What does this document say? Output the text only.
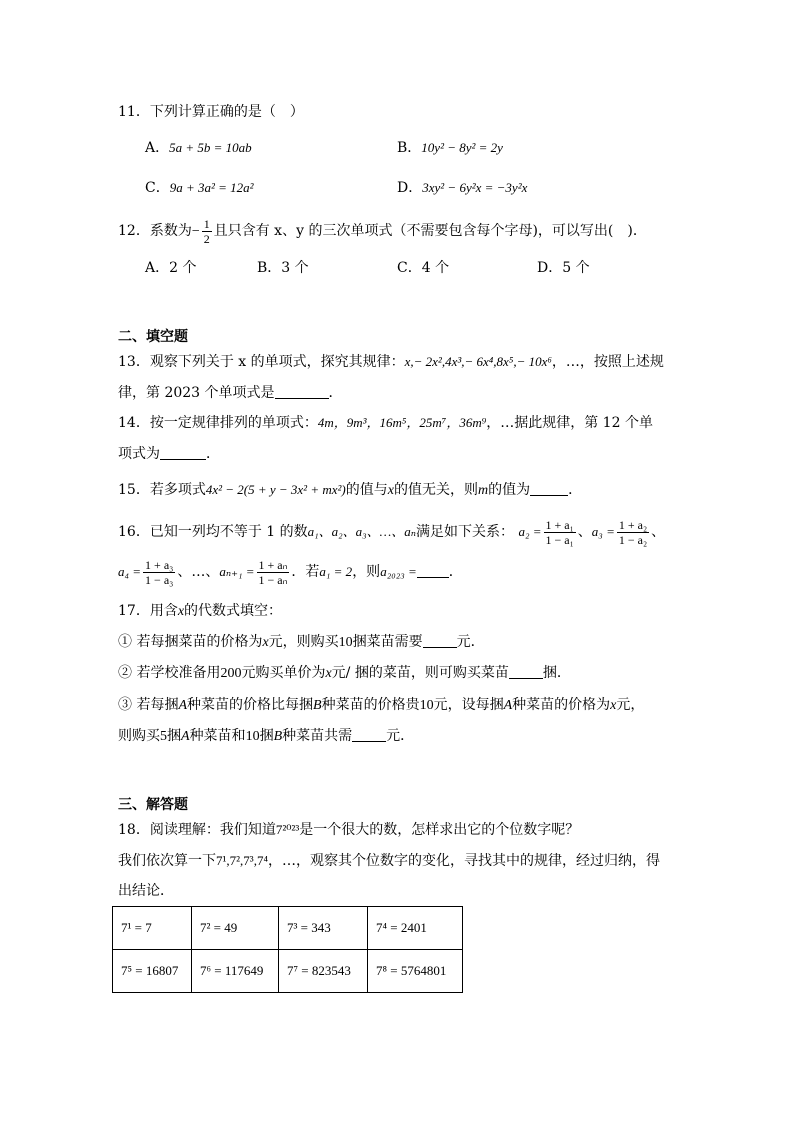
11．下列计算正确的是（　）
A．5a + 5b = 10ab	B．10y² − 8y² = 2y
C．9a + 3a² = 12a²	D．3xy² − 6y²x = −3y²x
12．系数为− $\frac{1}{2}$ 且只含有 x、y 的三次单项式（不需要包含每个字母)，可以写出(　)．
A．2 个	B．3 个	C．4 个	D．5 个
二、填空题
13．观察下列关于 x 的单项式，探究其规律：x,− 2x²,4x³,− 6x⁴,8x⁵,− 10x⁶，…，按照上述规
律，第 2023 个单项式是	．
14．按一定规律排列的单项式：4m，9m³，16m⁵，25m⁷，36m⁹，…据此规律，第 12 个单
项式为	．
15．若多项式4x² − 2(5 + y − 3x² + mx²)的值与x的值无关，则m的值为	．
16．已知一列均不等于 1 的数a₁、a₂、a₃、…、aₙ满足如下关系： $a_2 = \frac{\text{1 + a₁}}{\text{1 − a₁}}$ 、$a_3 = \frac{\text{1 + a₂}}{\text{1 − a₂}}$ 、
$a_4 = \frac{\text{1 + a₃}}{\text{1 − a₃}}$ 、…、$a_{n+1} = \frac{\text{1 + aₙ}}{\text{1 − aₙ}}$ ．若a₁ = 2，则a₂₀₂₃ = ．
17．用含x的代数式填空：
① 若每捆菜苗的价格为x元，则购买10捆菜苗需要 元．
② 若学校准备用200元购买单价为x元/ 捆的菜苗，则可购买菜苗 捆．
③ 若每捆A种菜苗的价格比每捆B种菜苗的价格贵10元，设每捆A种菜苗的价格为x元，
则购买5捆A种菜苗和10捆B种菜苗共需 元．
三、解答题
18．阅读理解：我们知道7²⁰²³是一个很大的数，怎样求出它的个位数字呢？
我们依次算一下7¹,7²,7³,7⁴，…，观察其个位数字的变化，寻找其中的规律，经过归纳，得
出结论．
7¹ = 7	7² = 49	7³ = 343	7⁴ = 2401
7⁵ = 16807	7⁶ = 117649	7⁷ = 823543	7⁸ = 5764801
